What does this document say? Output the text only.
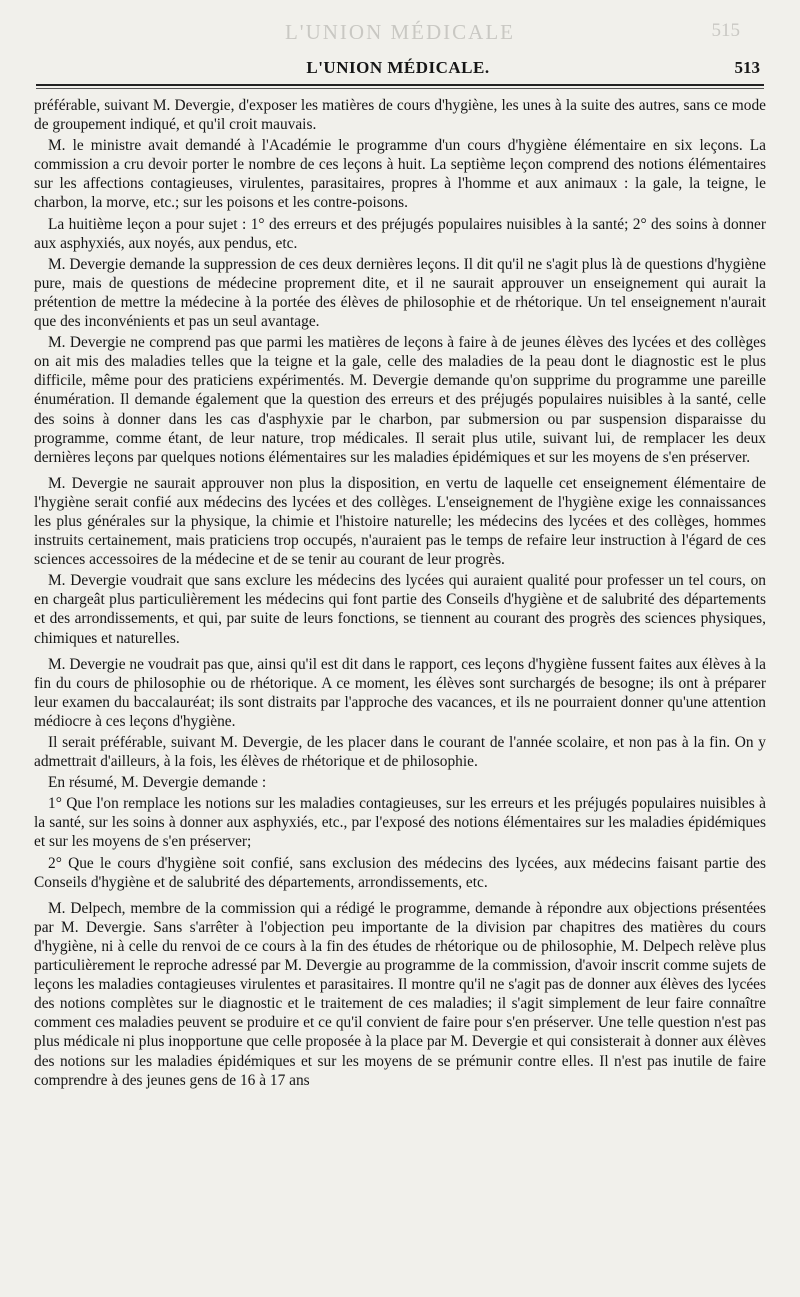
L'UNION MÉDICALE	515
L'UNION MÉDICALE.	513

préférable, suivant M. Devergie, d'exposer les matières de cours d'hygiène, les unes à la suite des autres, sans ce mode de groupement indiqué, et qu'il croit mauvais.

M. le ministre avait demandé à l'Académie le programme d'un cours d'hygiène élémentaire en six leçons. La commission a cru devoir porter le nombre de ces leçons à huit. La septième leçon comprend des notions élémentaires sur les affections contagieuses, virulentes, parasitaires, propres à l'homme et aux animaux : la gale, la teigne, le charbon, la morve, etc.; sur les poisons et les contre-poisons.

La huitième leçon a pour sujet : 1° des erreurs et des préjugés populaires nuisibles à la santé; 2° des soins à donner aux asphyxiés, aux noyés, aux pendus, etc.

M. Devergie demande la suppression de ces deux dernières leçons. Il dit qu'il ne s'agit plus là de questions d'hygiène pure, mais de questions de médecine proprement dite, et il ne saurait approuver un enseignement qui aurait la prétention de mettre la médecine à la portée des élèves de philosophie et de rhétorique. Un tel enseignement n'aurait que des inconvénients et pas un seul avantage.

M. Devergie ne comprend pas que parmi les matières de leçons à faire à de jeunes élèves des lycées et des collèges on ait mis des maladies telles que la teigne et la gale, celle des maladies de la peau dont le diagnostic est le plus difficile, même pour des praticiens expérimentés. M. Devergie demande qu'on supprime du programme une pareille énumération. Il demande également que la question des erreurs et des préjugés populaires nuisibles à la santé, celle des soins à donner dans les cas d'asphyxie par le charbon, par submersion ou par suspension disparaisse du programme, comme étant, de leur nature, trop médicales. Il serait plus utile, suivant lui, de remplacer les deux dernières leçons par quelques notions élémentaires sur les maladies épidémiques et sur les moyens de s'en préserver.

M. Devergie ne saurait approuver non plus la disposition, en vertu de laquelle cet enseignement élémentaire de l'hygiène serait confié aux médecins des lycées et des collèges. L'enseignement de l'hygiène exige les connaissances les plus générales sur la physique, la chimie et l'histoire naturelle; les médecins des lycées et des collèges, hommes instruits certainement, mais praticiens trop occupés, n'auraient pas le temps de refaire leur instruction à l'égard de ces sciences accessoires de la médecine et de se tenir au courant de leur progrès.

M. Devergie voudrait que sans exclure les médecins des lycées qui auraient qualité pour professer un tel cours, on en chargeât plus particulièrement les médecins qui font partie des Conseils d'hygiène et de salubrité des départements et des arrondissements, et qui, par suite de leurs fonctions, se tiennent au courant des progrès des sciences physiques, chimiques et naturelles.

M. Devergie ne voudrait pas que, ainsi qu'il est dit dans le rapport, ces leçons d'hygiène fussent faites aux élèves à la fin du cours de philosophie ou de rhétorique. A ce moment, les élèves sont surchargés de besogne; ils ont à préparer leur examen du baccalauréat; ils sont distraits par l'approche des vacances, et ils ne pourraient donner qu'une attention médiocre à ces leçons d'hygiène.

Il serait préférable, suivant M. Devergie, de les placer dans le courant de l'année scolaire, et non pas à la fin. On y admettrait d'ailleurs, à la fois, les élèves de rhétorique et de philosophie.

En résumé, M. Devergie demande :

1° Que l'on remplace les notions sur les maladies contagieuses, sur les erreurs et les préjugés populaires nuisibles à la santé, sur les soins à donner aux asphyxiés, etc., par l'exposé des notions élémentaires sur les maladies épidémiques et sur les moyens de s'en préserver;

2° Que le cours d'hygiène soit confié, sans exclusion des médecins des lycées, aux médecins faisant partie des Conseils d'hygiène et de salubrité des départements, arrondissements, etc.

M. Delpech, membre de la commission qui a rédigé le programme, demande à répondre aux objections présentées par M. Devergie. Sans s'arrêter à l'objection peu importante de la division par chapitres des matières du cours d'hygiène, ni à celle du renvoi de ce cours à la fin des études de rhétorique ou de philosophie, M. Delpech relève plus particulièrement le reproche adressé par M. Devergie au programme de la commission, d'avoir inscrit comme sujets de leçons les maladies contagieuses virulentes et parasitaires. Il montre qu'il ne s'agit pas de donner aux élèves des lycées des notions complètes sur le diagnostic et le traitement de ces maladies; il s'agit simplement de leur faire connaître comment ces maladies peuvent se produire et ce qu'il convient de faire pour s'en préserver. Une telle question n'est pas plus médicale ni plus inopportune que celle proposée à la place par M. Devergie et qui consisterait à donner aux élèves des notions sur les maladies épidémiques et sur les moyens de se prémunir contre elles. Il n'est pas inutile de faire comprendre à des jeunes gens de 16 à 17 ans
